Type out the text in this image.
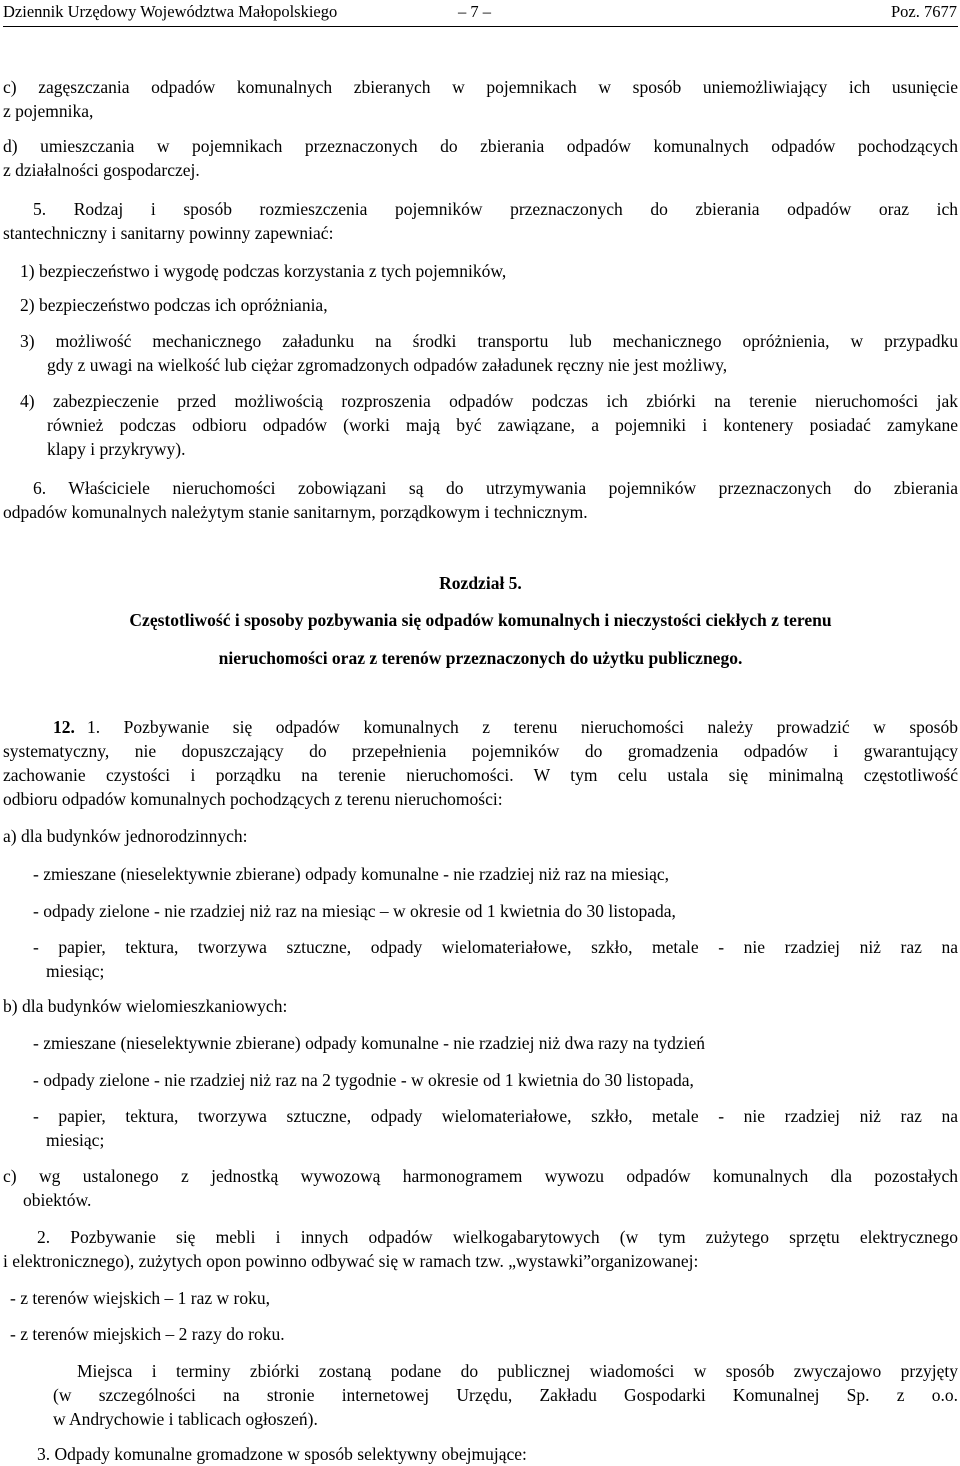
Dziennik Urzędowy Województwa Małopolskiego	– 7 –	Poz. 7677
c) zagęszczania odpadów komunalnych zbieranych w pojemnikach w sposób uniemożliwiający ich usunięcie
z pojemnika,
d) umieszczania w pojemnikach przeznaczonych do zbierania odpadów komunalnych odpadów pochodzących
z działalności gospodarczej.
5. Rodzaj i sposób rozmieszczenia pojemników przeznaczonych do zbierania odpadów oraz ich
stantechniczny i sanitarny powinny zapewniać:
1) bezpieczeństwo i wygodę podczas korzystania z tych pojemników,
2) bezpieczeństwo podczas ich opróżniania,
3) możliwość mechanicznego załadunku na środki transportu lub mechanicznego opróżnienia, w przypadku
gdy z uwagi na wielkość lub ciężar zgromadzonych odpadów załadunek ręczny nie jest możliwy,
4) zabezpieczenie przed możliwością rozproszenia odpadów podczas ich zbiórki na terenie nieruchomości jak
również podczas odbioru odpadów (worki mają być zawiązane, a pojemniki i kontenery posiadać zamykane
klapy i przykrywy).
6. Właściciele nieruchomości zobowiązani są do utrzymywania pojemników przeznaczonych do zbierania
odpadów komunalnych należytym stanie sanitarnym, porządkowym i technicznym.
Rozdział 5.
Częstotliwość i sposoby pozbywania się odpadów komunalnych i nieczystości ciekłych z terenu
nieruchomości oraz z terenów przeznaczonych do użytku publicznego.
12. 1. Pozbywanie się odpadów komunalnych z terenu nieruchomości należy prowadzić w sposób
systematyczny, nie dopuszczający do przepełnienia pojemników do gromadzenia odpadów i gwarantujący
zachowanie czystości i porządku na terenie nieruchomości. W tym celu ustala się minimalną częstotliwość
odbioru odpadów komunalnych pochodzących z terenu nieruchomości:
a) dla budynków jednorodzinnych:
- zmieszane (nieselektywnie zbierane) odpady komunalne - nie rzadziej niż raz na miesiąc,
- odpady zielone - nie rzadziej niż raz na miesiąc – w okresie od 1 kwietnia do 30 listopada,
- papier, tektura, tworzywa sztuczne, odpady wielomateriałowe, szkło, metale - nie rzadziej niż raz na
miesiąc;
b) dla budynków wielomieszkaniowych:
- zmieszane (nieselektywnie zbierane) odpady komunalne - nie rzadziej niż dwa razy na tydzień
- odpady zielone - nie rzadziej niż raz na 2 tygodnie - w okresie od 1 kwietnia do 30 listopada,
- papier, tektura, tworzywa sztuczne, odpady wielomateriałowe, szkło, metale - nie rzadziej niż raz na
miesiąc;
c) wg ustalonego z jednostką wywozową harmonogramem wywozu odpadów komunalnych dla pozostałych
obiektów.
2. Pozbywanie się mebli i innych odpadów wielkogabarytowych (w tym zużytego sprzętu elektrycznego
i elektronicznego), zużytych opon powinno odbywać się w ramach tzw. „wystawki”organizowanej:
- z terenów wiejskich – 1 raz w roku,
- z terenów miejskich – 2 razy do roku.
Miejsca i terminy zbiórki zostaną podane do publicznej wiadomości w sposób zwyczajowo przyjęty
(w szczególności na stronie internetowej Urzędu, Zakładu Gospodarki Komunalnej Sp. z o.o.
w Andrychowie i tablicach ogłoszeń).
3. Odpady komunalne gromadzone w sposób selektywny obejmujące:
